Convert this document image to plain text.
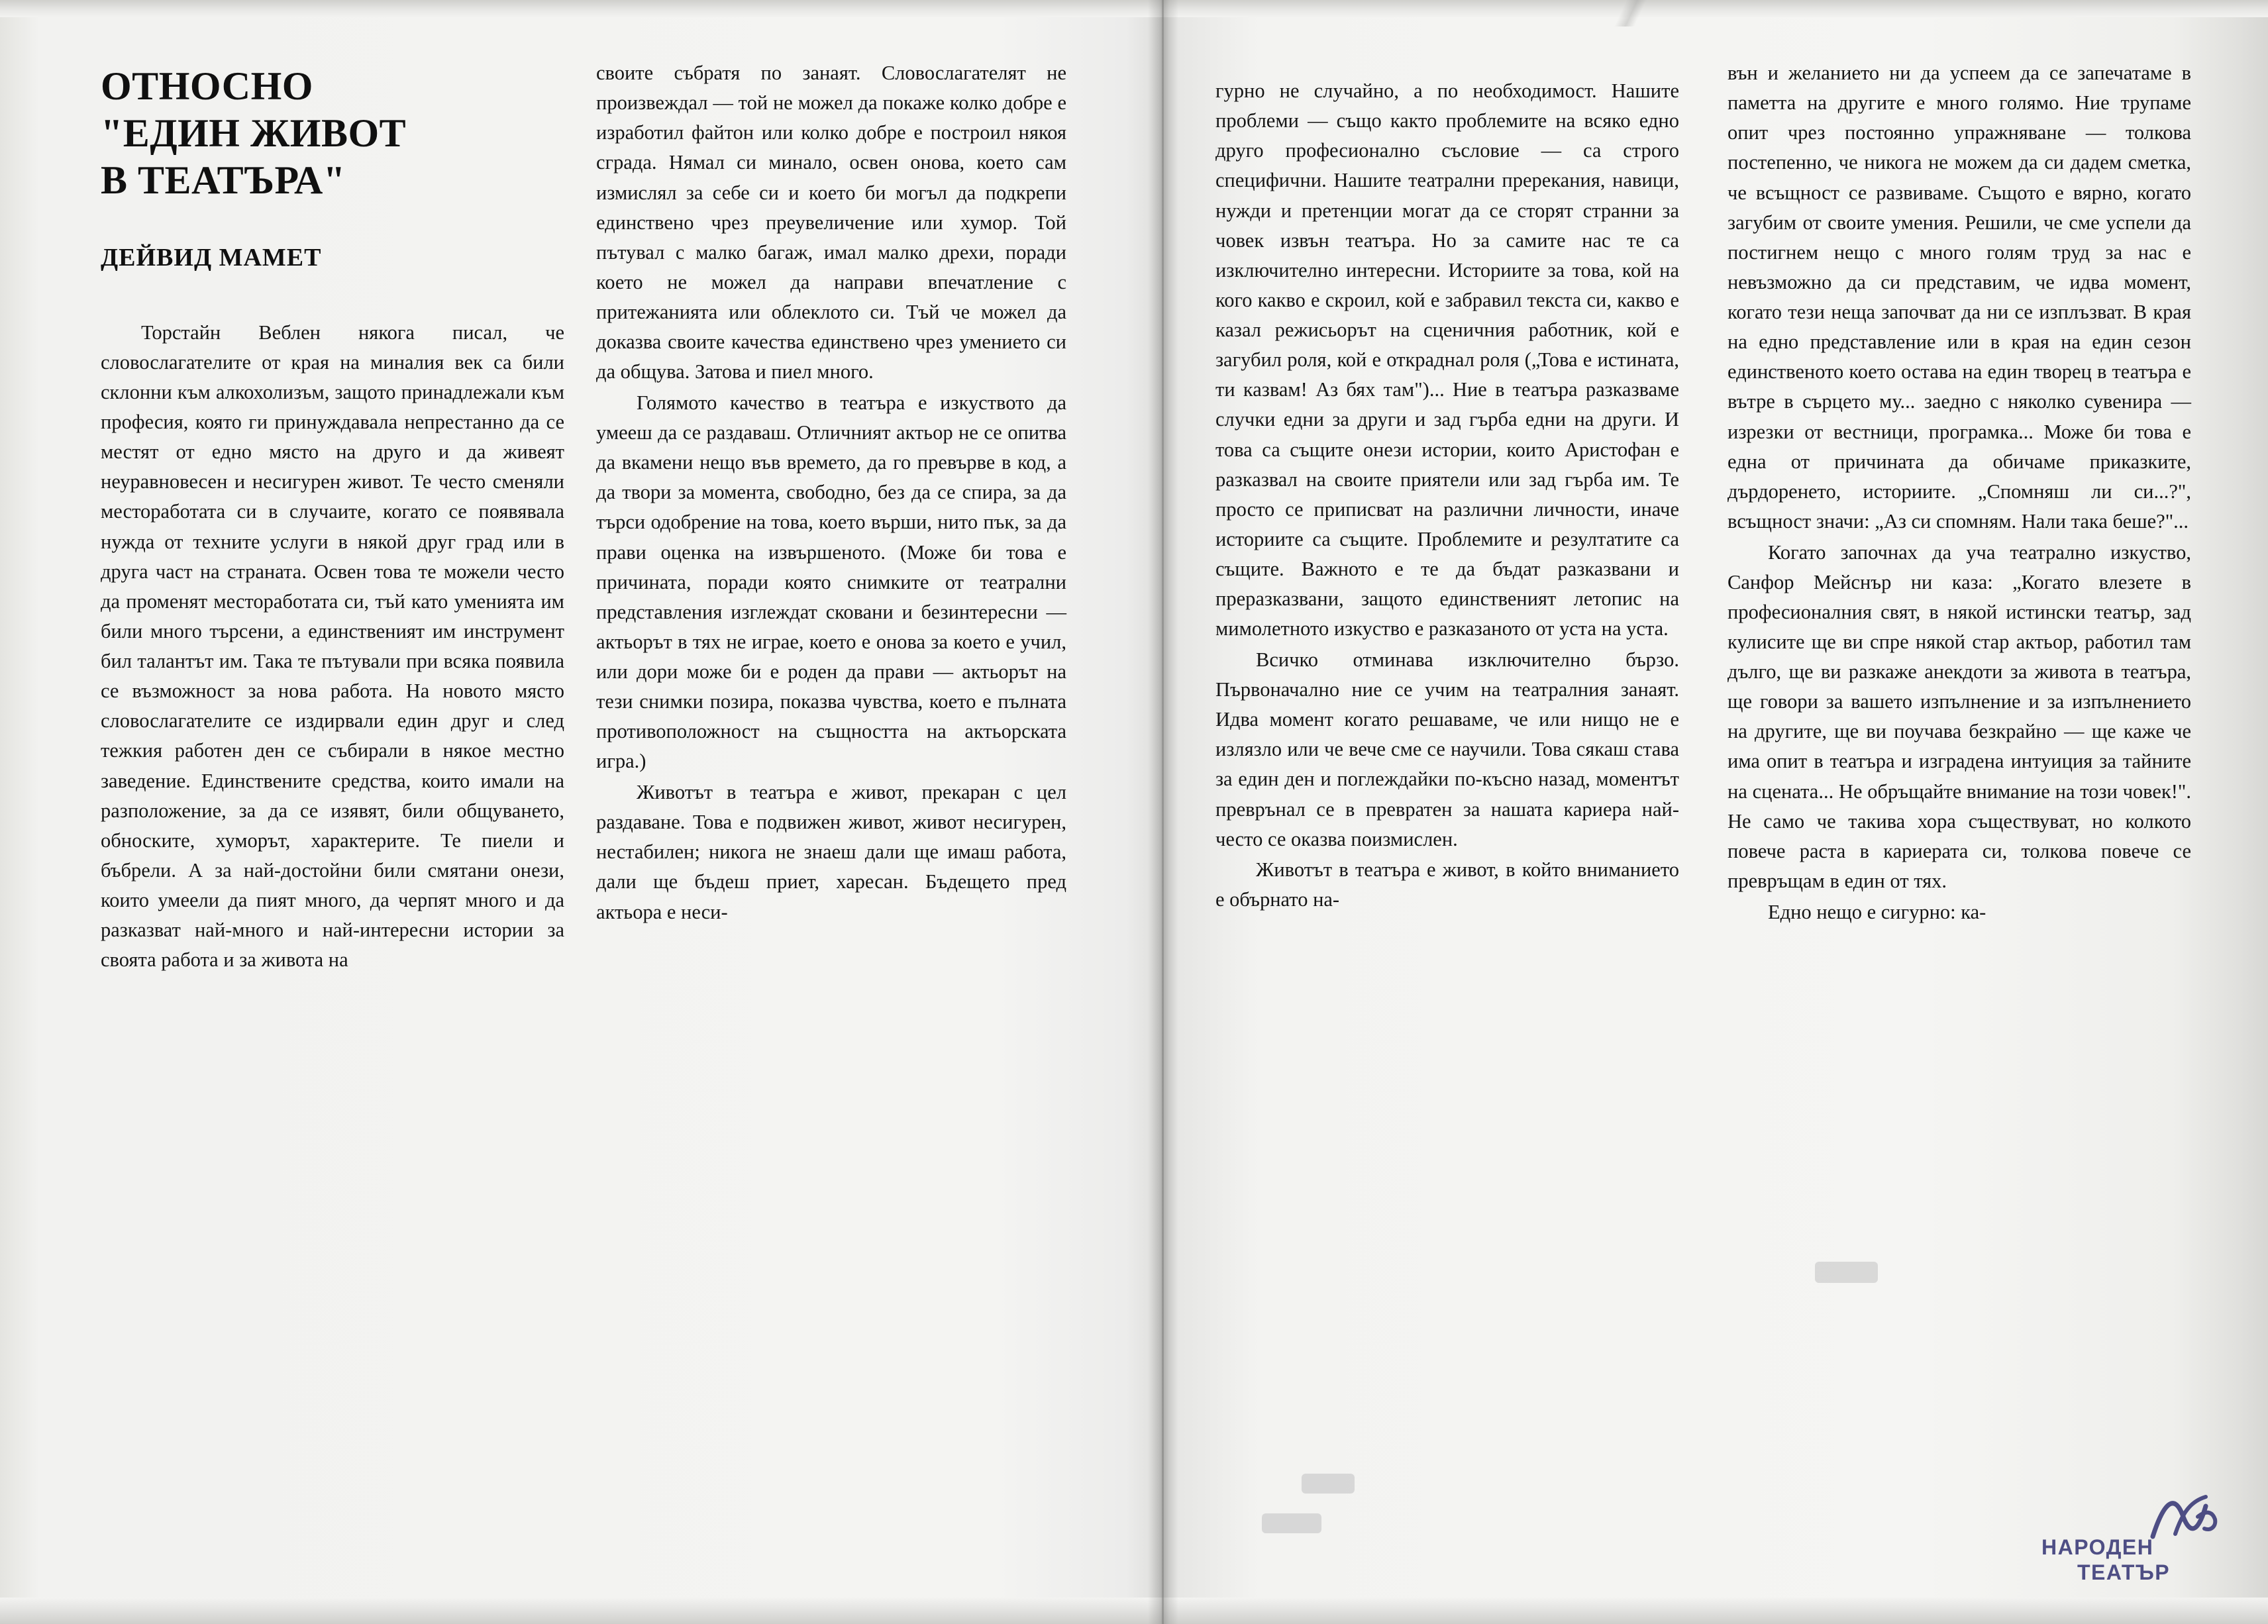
ОТНОСНО
"ЕДИН ЖИВОТ
В ТЕАТЪРА"
ДЕЙВИД МАМЕТ

Торстайн Веблен някога писал, че словослагателите от края на миналия век са били склонни към алкохолизъм, защото принадлежали към професия, която ги принуждавала непрестанно да се местят от едно място на друго и да живеят неуравновесен и несигурен живот. Те често сменяли местоработата си в случаите, когато се появявала нужда от техните услуги в някой друг град или в друга част на страната. Освен това те можели често да променят местоработата си, тъй като уменията им били много търсени, а единственият им инструмент бил талантът им. Така те пътували при всяка появила се възможност за нова работа. На новото място словослагателите се издирвали един друг и след тежкия работен ден се събирали в някое местно заведение. Единствените средства, които имали на разположение, за да се изявят, били общуването, обноските, хуморът, характерите. Те пиели и бъбрели. А за най-достойни били смятани онези, които умеели да пият много, да черпят много и да разказват най-много и най-интересни истории за своята работа и за живота на

своите събратя по занаят. Словослагателят не произвеждал — той не можел да покаже колко добре е изработил файтон или колко добре е построил някоя сграда. Нямал си минало, освен онова, което сам измислял за себе си и което би могъл да подкрепи единствено чрез преувеличение или хумор. Той пътувал с малко багаж, имал малко дрехи, поради което не можел да направи впечатление с притежанията или облеклото си. Тъй че можел да доказва своите качества единствено чрез умението си да общува. Затова и пиел много.

Голямото качество в театъра е изкуството да умееш да се раздаваш. Отличният актьор не се опитва да вкамени нещо във времето, да го превърве в код, а да твори за момента, свободно, без да се спира, за да търси одобрение на това, което върши, нито пък, за да прави оценка на извършеното. (Може би това е причината, поради която снимките от театрални представления изглеждат сковани и безинтересни — актьорът в тях не играе, което е онова за което е учил, или дори може би е роден да прави — актьорът на тези снимки позира, показва чувства, което е пълната противоположност на същността на актьорската игра.)

Животът в театъра е живот, прекаран с цел раздаване. Това е подвижен живот, живот несигурен, нестабилен; никога не знаеш дали ще имаш работа, дали ще бъдеш приет, харесан. Бъдещето пред актьора е неси-

гурно не случайно, а по необходимост. Нашите проблеми — също както проблемите на всяко едно друго професионално съсловие — са строго специфични. Нашите театрални пререкания, навици, нужди и претенции могат да се сторят странни за човек извън театъра. Но за самите нас те са изключително интересни. Историите за това, кой на кого какво е скроил, кой е забравил текста си, какво е казал режисьорът на сценичния работник, кой е загубил роля, кой е откраднал роля („Това е истината, ти казвам! Аз бях там")... Ние в театъра разказваме случки едни за други и зад гърба едни на други. И това са същите онези истории, които Аристофан е разказвал на своите приятели или зад гърба им. Те просто се приписват на различни личности, иначе историите са същите. Проблемите и резултатите са същите. Важното е те да бъдат разказвани и преразказвани, защото единственият летопис на мимолетното изкуство е разказаното от уста на уста.

Всичко отминава изключително бързо. Първоначално ние се учим на театралния занаят. Идва момент когато решаваме, че или нищо не е излязло или че вече сме се научили. Това сякаш става за един ден и поглеждайки по-късно назад, моментът преврънал се в превратен за нашата кариера най-често се оказва поизмислен.

Животът в театъра е живот, в който вниманието е обърнато на-

вън и желанието ни да успеем да се запечатаме в паметта на другите е много голямо. Ние трупаме опит чрез постоянно упражняване — толкова постепенно, че никога не можем да си дадем сметка, че всъщност се развиваме. Същото е вярно, когато загубим от своите умения. Решили, че сме успели да постигнем нещо с много голям труд за нас е невъзможно да си представим, че идва момент, когато тези неща започват да ни се изплъзват. В края на едно представление или в края на един сезон единственото което остава на един творец в театъра е вътре в сърцето му... заедно с няколко сувенира — изрезки от вестници, програмка... Може би това е една от причината да обичаме приказките, дърдоренето, историите. „Спомняш ли си...?", всъщност значи: „Аз си спомням. Нали така беше?"...

Когато започнах да уча театрално изкуство, Санфор Мейснър ни каза: „Когато влезете в професионалния свят, в някой истински театър, зад кулисите ще ви спре някой стар актьор, работил там дълго, ще ви разкаже анекдоти за живота в театъра, ще говори за вашето изпълнение и за изпълнението на другите, ще ви поучава безкрайно — ще каже че има опит в театъра и изградена интуиция за тайните на сцената... Не обръщайте внимание на този човек!". Не само че такива хора съществуват, но колкото повече раста в кариерата си, толкова повече се превръщам в един от тях.

Едно нещо е сигурно: ка-

НАРОДЕН
ТЕАТЪР
